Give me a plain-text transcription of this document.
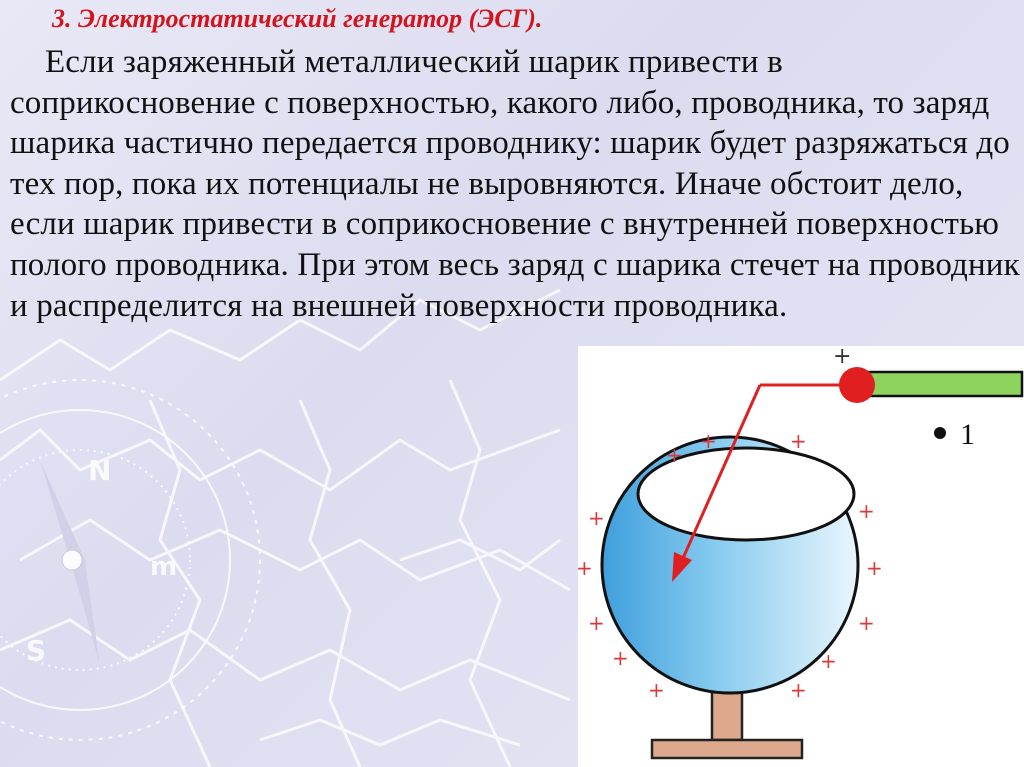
N
S
m

3. Электростатический генератор (ЭСГ).

Если заряженный металлический шарик привести в соприкосновение с поверхностью, какого либо, проводника, то заряд шарика частично передается проводнику: шарик будет разряжаться до тех пор, пока их потенциалы не выровняются. Иначе обстоит дело, если шарик привести в соприкосновение с внутренней поверхностью полого проводника. При этом весь заряд с шарика стечет на проводник и распределится на внешней поверхности проводника.

+
+
+
+	+
+	+
+	+
+	+
+	+
+	1
